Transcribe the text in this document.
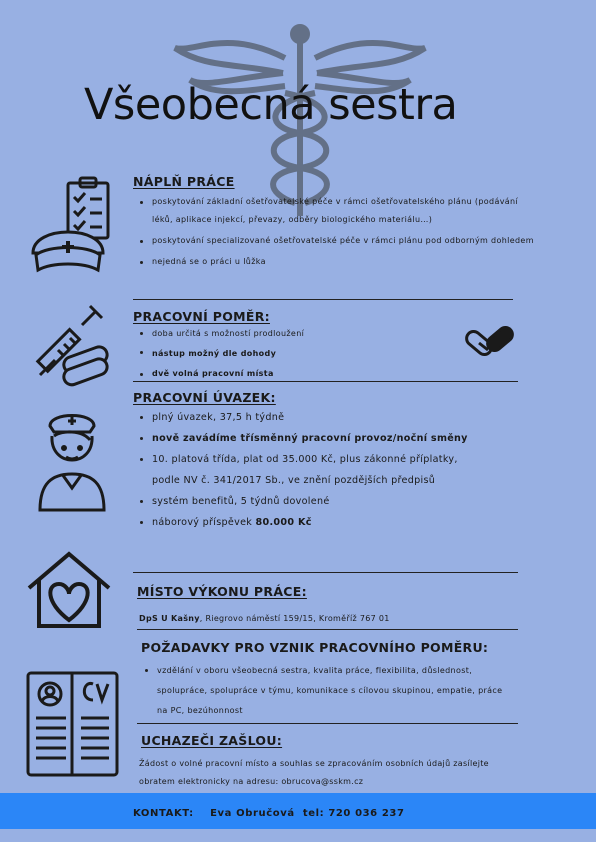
Všeobecná sestra
NÁPLŇ PRÁCE
poskytování základní ošetřovatelské péče v rámci ošetřovatelského plánu (podávání léků, aplikace injekcí, převazy, odběry biologického materiálu…)
poskytování specializované ošetřovatelské péče v rámci plánu pod odborným dohledem
nejedná se o práci u lůžka
PRACOVNÍ POMĚR:
doba určitá s možností prodloužení
nástup možný dle dohody
dvě volná pracovní místa
PRACOVNÍ ÚVAZEK:
plný úvazek, 37,5 h týdně
nově zavádíme třísměnný pracovní provoz/noční směny
10. platová třída, plat od 35.000 Kč, plus zákonné příplatky, podle NV č. 341/2017 Sb., ve znění pozdějších předpisů
systém benefitů, 5 týdnů dovolené
náborový příspěvek 80.000 Kč
MÍSTO VÝKONU PRÁCE:
DpS U Kašny, Riegrovo náměstí 159/15, Kroměříž 767 01
POŽADAVKY PRO VZNIK PRACOVNÍHO POMĚRU:
vzdělání v oboru všeobecná sestra, kvalita práce, flexibilita, důslednost, spolupráce, spolupráce v týmu, komunikace s cílovou skupinou, empatie, práce na PC, bezúhonnost
UCHAZEČI ZAŠLOU:
Žádost o volné pracovní místo a souhlas se zpracováním osobních údajů zasílejte obratem elektronicky na adresu: obrucova@sskm.cz
KONTAKT: Eva Obručová tel: 720 036 237
